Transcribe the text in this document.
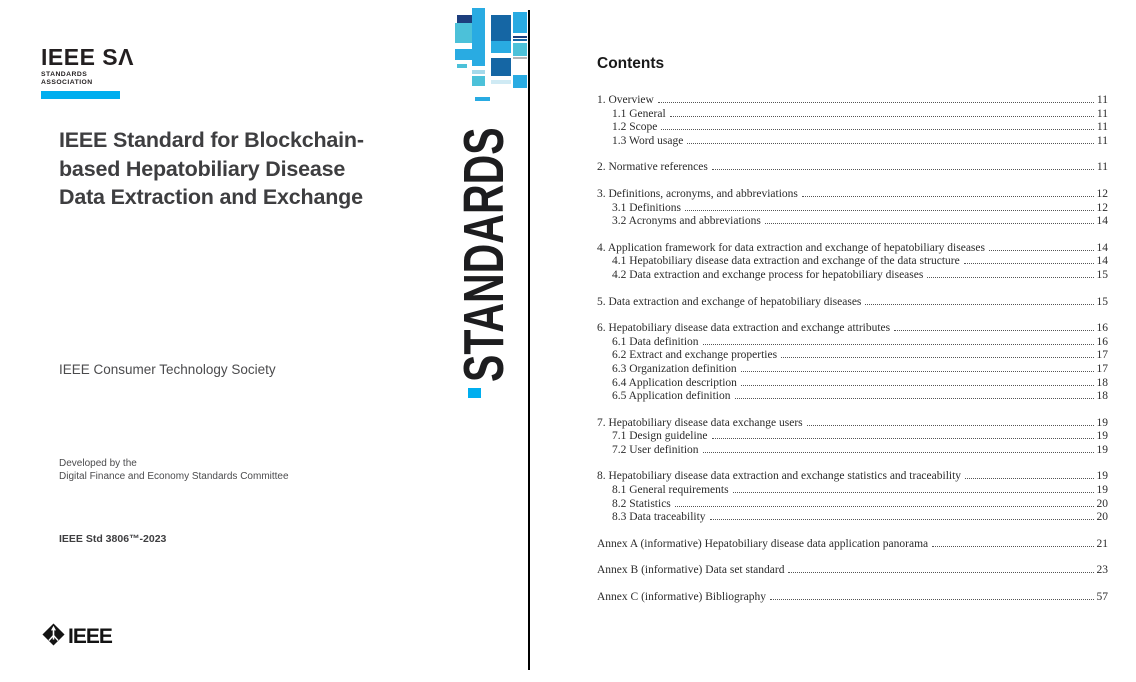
IEEE SΛ
STANDARDS
ASSOCIATION
IEEE Standard for Blockchain-
based Hepatobiliary Disease
Data Extraction and Exchange
IEEE Consumer Technology Society
Developed by the
Digital Finance and Economy Standards Committee
IEEE Std 3806™-2023
IEEE
STANDARDS
Contents
1. Overview	11
1.1 General	11
1.2 Scope	11
1.3 Word usage	11
2. Normative references	11
3. Definitions, acronyms, and abbreviations	12
3.1 Definitions	12
3.2 Acronyms and abbreviations	14
4. Application framework for data extraction and exchange of hepatobiliary diseases	14
4.1 Hepatobiliary disease data extraction and exchange of the data structure	14
4.2 Data extraction and exchange process for hepatobiliary diseases	15
5. Data extraction and exchange of hepatobiliary diseases	15
6. Hepatobiliary disease data extraction and exchange attributes	16
6.1 Data definition	16
6.2 Extract and exchange properties	17
6.3 Organization definition	17
6.4 Application description	18
6.5 Application definition	18
7. Hepatobiliary disease data exchange users	19
7.1 Design guideline	19
7.2 User definition	19
8. Hepatobiliary disease data extraction and exchange statistics and traceability	19
8.1 General requirements	19
8.2 Statistics	20
8.3 Data traceability	20
Annex A (informative) Hepatobiliary disease data application panorama	21
Annex B (informative) Data set standard	23
Annex C (informative) Bibliography	57
